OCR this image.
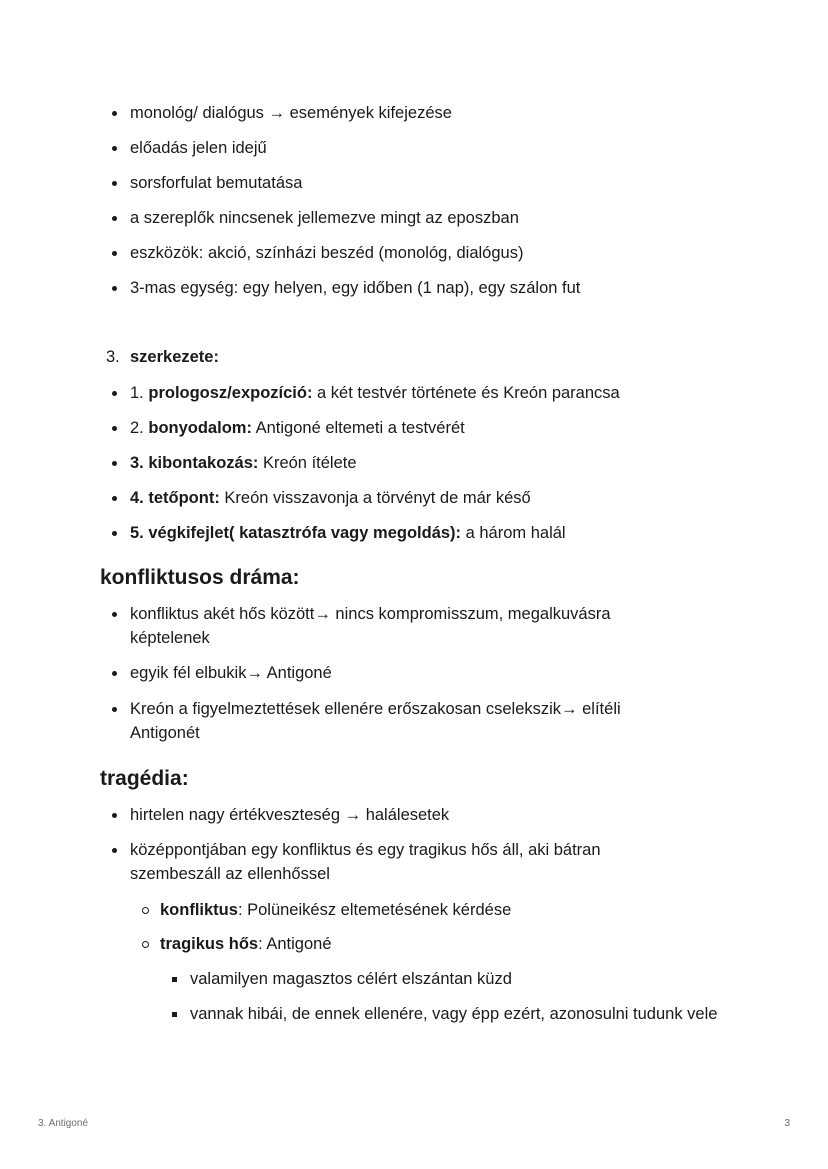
monológ/ dialógus → események kifejezése
előadás jelen idejű
sorsforfulat bemutatása
a szereplők nincsenek jellemezve mingt az eposzban
eszközök: akció, színházi beszéd (monológ, dialógus)
3-mas egység: egy helyen, egy időben (1 nap), egy szálon fut
3. szerkezete:
1. prologosz/expozíció: a két testvér története és Kreón parancsa
2. bonyodalom: Antigoné eltemeti a testvérét
3. kibontakozás: Kreón ítélete
4. tetőpont: Kreón visszavonja a törvényt de már késő
5. végkifejlet( katasztrófa vagy megoldás): a három halál
konfliktusos dráma:
konfliktus akét hős között→ nincs kompromisszum, megalkuvásra képtelenek
egyik fél elbukik→ Antigoné
Kreón a figyelmeztettések ellenére erőszakosan cselekszik→ elítéli Antigonét
tragédia:
hirtelen nagy értékveszteség → halálesetek
középpontjában egy konfliktus és egy tragikus hős áll, aki bátran szembeszáll az ellenhőssel
konfliktus: Polüneikész eltemetésének kérdése
tragikus hős: Antigoné
valamilyen magasztos célért elszántan küzd
vannak hibái, de ennek ellenére, vagy épp ezért, azonosulni tudunk vele
3. Antigoné	3
